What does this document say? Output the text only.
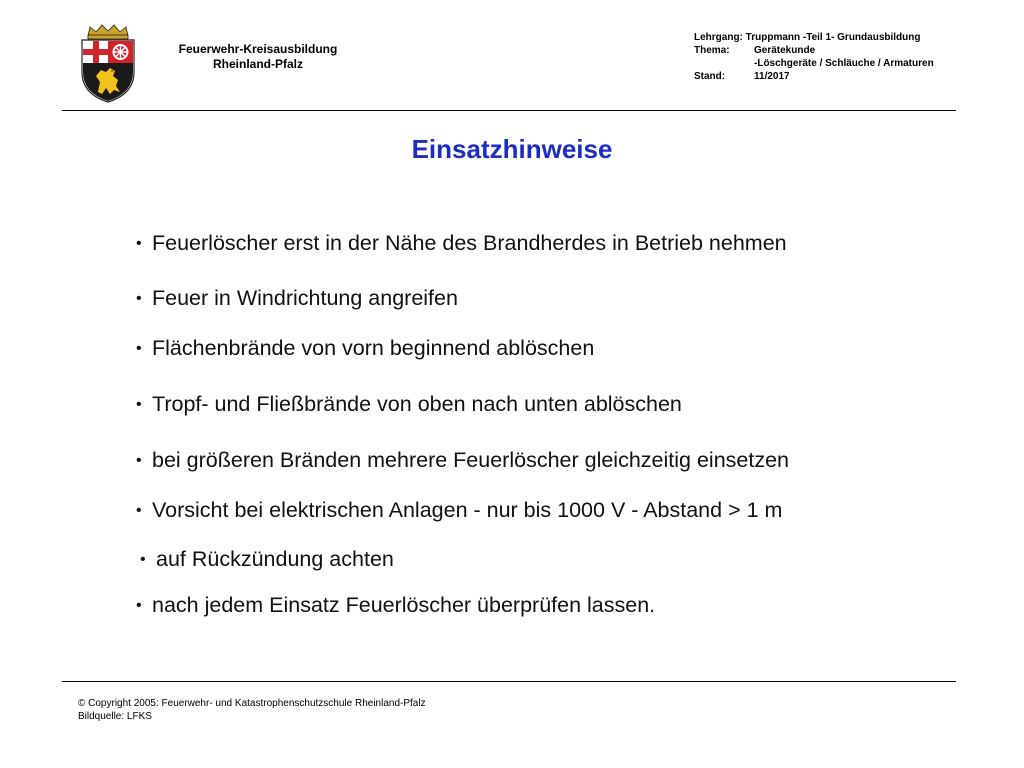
Feuerwehr-Kreisausbildung
Rheinland-Pfalz
Lehrgang: Truppmann -Teil 1- Grundausbildung
Thema: Gerätekunde
-Löschgeräte / Schläuche / Armaturen
Stand:	11/2017
Einsatzhinweise
• Feuerlöscher erst in der Nähe des Brandherdes in Betrieb nehmen
• Feuer in Windrichtung angreifen
• Flächenbrände von vorn beginnend ablöschen
• Tropf- und Fließbrände von oben nach unten ablöschen
• bei größeren Bränden mehrere Feuerlöscher gleichzeitig einsetzen
• Vorsicht bei elektrischen Anlagen - nur bis 1000 V - Abstand > 1 m
• auf Rückzündung achten
• nach jedem Einsatz Feuerlöscher überprüfen lassen.
© Copyright 2005: Feuerwehr- und Katastrophenschutzschule Rheinland-Pfalz
Bildquelle: LFKS
